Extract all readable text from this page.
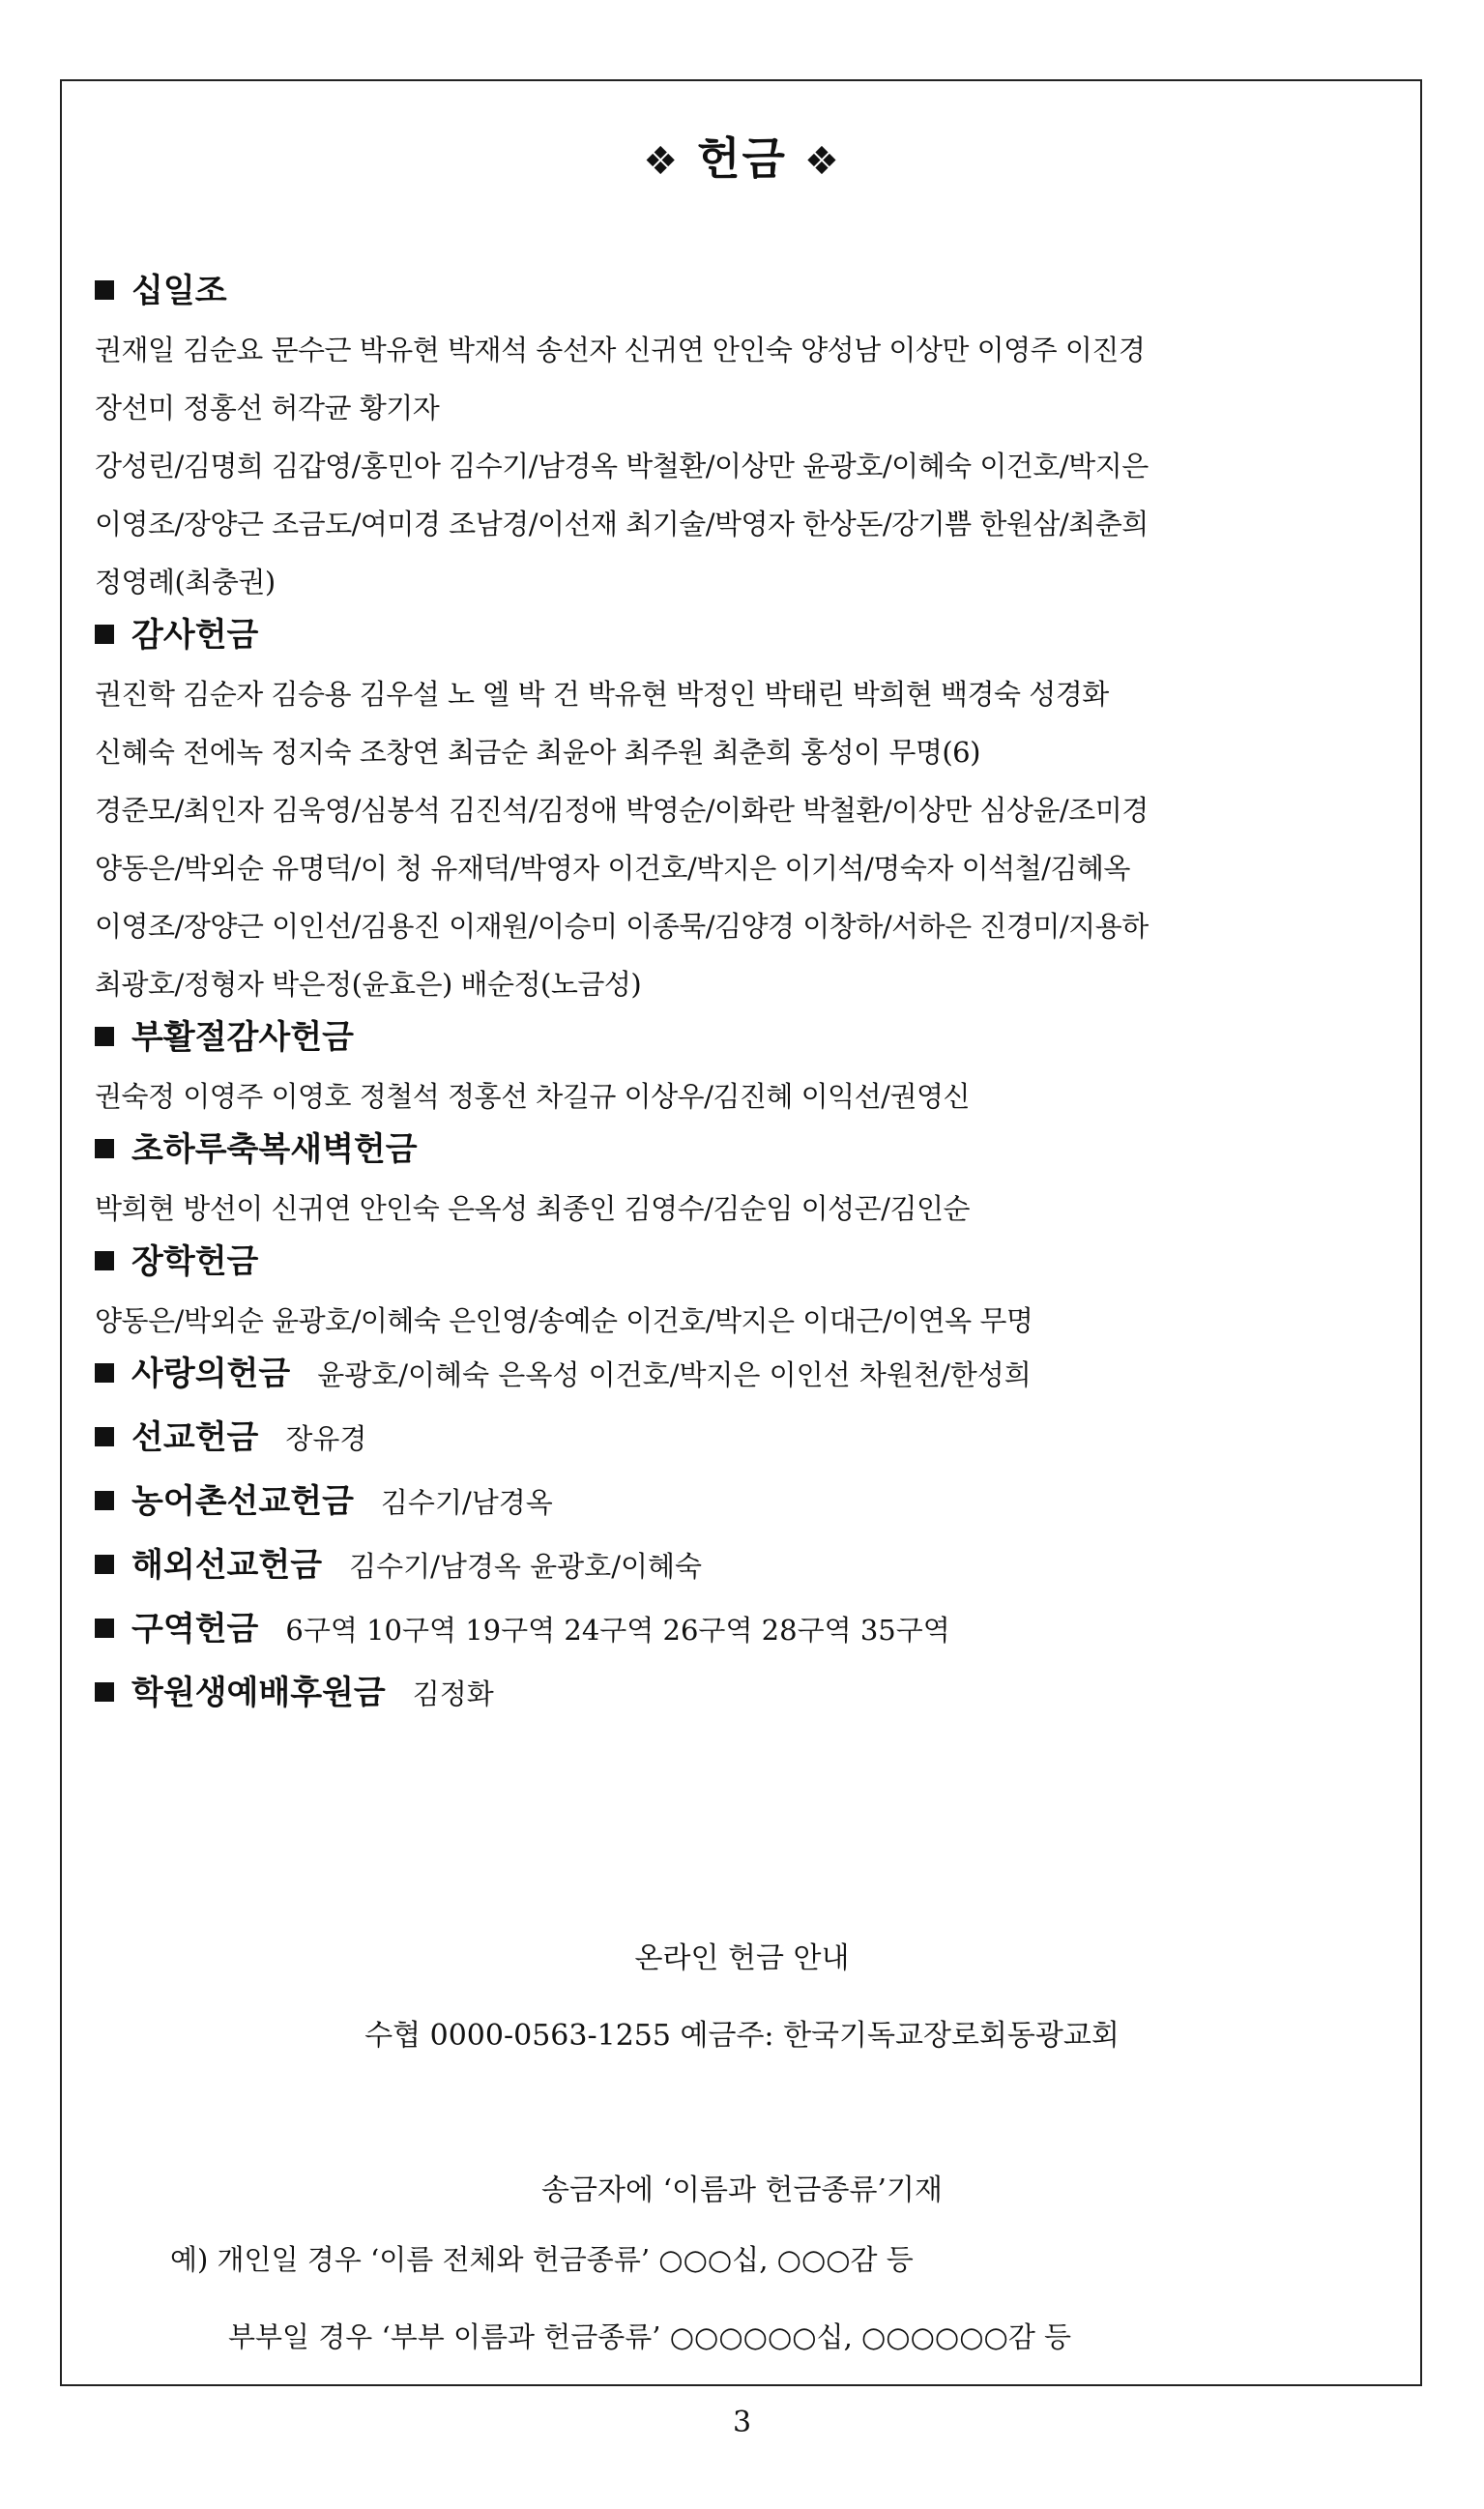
❖ 헌금 ❖
십일조
권재일 김순요 문수근 박유현 박재석 송선자 신귀연 안인숙 양성남 이상만 이영주 이진경
장선미 정홍선 허각균 황기자
강성린/김명희 김갑영/홍민아 김수기/남경옥 박철환/이상만 윤광호/이혜숙 이건호/박지은
이영조/장양근 조금도/여미경 조남경/이선재 최기술/박영자 한상돈/강기쁨 한원삼/최춘희
정영례(최충권)
감사헌금
권진학 김순자 김승용 김우설 노 엘 박 건 박유현 박정인 박태린 박희현 백경숙 성경화
신혜숙 전에녹 정지숙 조창연 최금순 최윤아 최주원 최춘희 홍성이 무명(6)
경준모/최인자 김욱영/심봉석 김진석/김정애 박영순/이화란 박철환/이상만 심상윤/조미경
양동은/박외순 유명덕/이 청 유재덕/박영자 이건호/박지은 이기석/명숙자 이석철/김혜옥
이영조/장양근 이인선/김용진 이재원/이승미 이종묵/김양경 이창하/서하은 진경미/지용하
최광호/정형자 박은정(윤효은) 배순정(노금성)
부활절감사헌금
권숙정 이영주 이영호 정철석 정홍선 차길규 이상우/김진혜 이익선/권영신
초하루축복새벽헌금
박희현 방선이 신귀연 안인숙 은옥성 최종인 김영수/김순임 이성곤/김인순
장학헌금
양동은/박외순 윤광호/이혜숙 은인영/송예순 이건호/박지은 이대근/이연옥 무명
사랑의헌금 윤광호/이혜숙 은옥성 이건호/박지은 이인선 차원천/한성희
선교헌금 장유경
농어촌선교헌금 김수기/남경옥
해외선교헌금 김수기/남경옥 윤광호/이혜숙
구역헌금 6구역 10구역 19구역 24구역 26구역 28구역 35구역
학원생예배후원금 김정화
온라인 헌금 안내
수협 0000-0563-1255 예금주: 한국기독교장로회동광교회
송금자에 ‘이름과 헌금종류’기재
예) 개인일 경우 ‘이름 전체와 헌금종류’ ○○○십, ○○○감 등
부부일 경우 ‘부부 이름과 헌금종류’ ○○○○○○십, ○○○○○○감 등
3
